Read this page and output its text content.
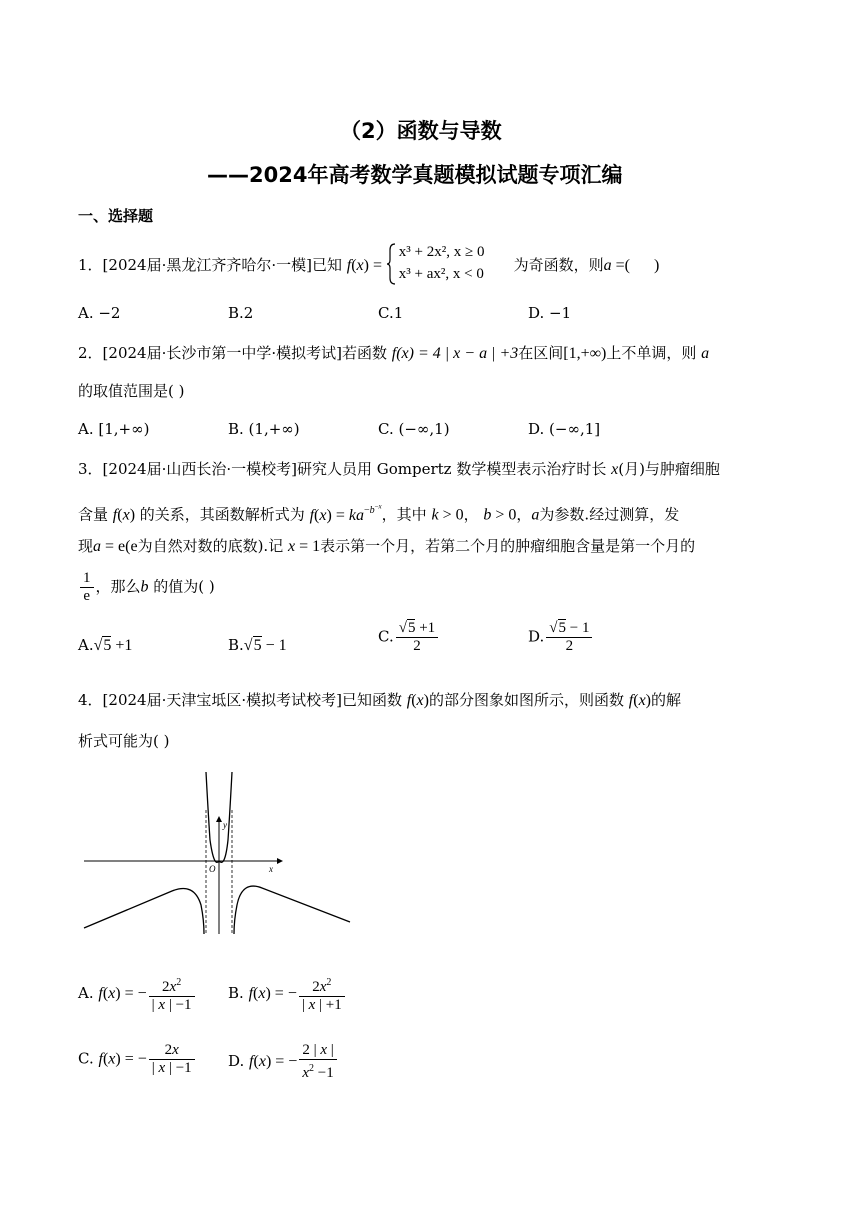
（2）函数与导数
——2024年高考数学真题模拟试题专项汇编
一、选择题
1．[2024届·黑龙江齐齐哈尔·一模]已知 f(x) =
x³ + 2x², x ≥ 0
x³ + ax², x < 0 为奇函数，则a =(      )
A. −2	B.2	C.1	D. −1
2．[2024届·长沙市第一中学·模拟考试]若函数 f(x) = 4 | x − a | +3在区间[1,+∞)上不单调，则 a
的取值范围是( )
A. [1,+∞)	B. (1,+∞)	C. (−∞,1)	D. (−∞,1]
3．[2024届·山西长治·一模校考]研究人员用 Gompertz 数学模型表示治疗时长 x(月)与肿瘤细胞
含量 f(x) 的关系，其函数解析式为 $f(x) = ka^{-b^{-x}}$，其中 k > 0， b > 0，a为参数.经过测算，发
现a = e(e为自然对数的底数).记 x = 1表示第一个月，若第二个月的肿瘤细胞含量是第一个月的
$\frac{1}{e}$ ，那么b 的值为( )
A.√5 +1	B.√5 − 1	C. $\frac{√5 +1}{2}$	D. $\frac{√5 - 1}{2}$
4．[2024届·天津宝坻区·模拟考试校考]已知函数 f(x)的部分图象如图所示，则函数 f(x)的解
析式可能为( )
x
y
O
A. f(x) = − $\frac{2x^2}{| x | -1} B$. f(x) = − $\frac{2x^2}{| x | +1}$
C. f(x) = − $\frac{2x}{| x | -1} D$. f(x) = − $\frac{2 | x |}{x^2 -1}$
